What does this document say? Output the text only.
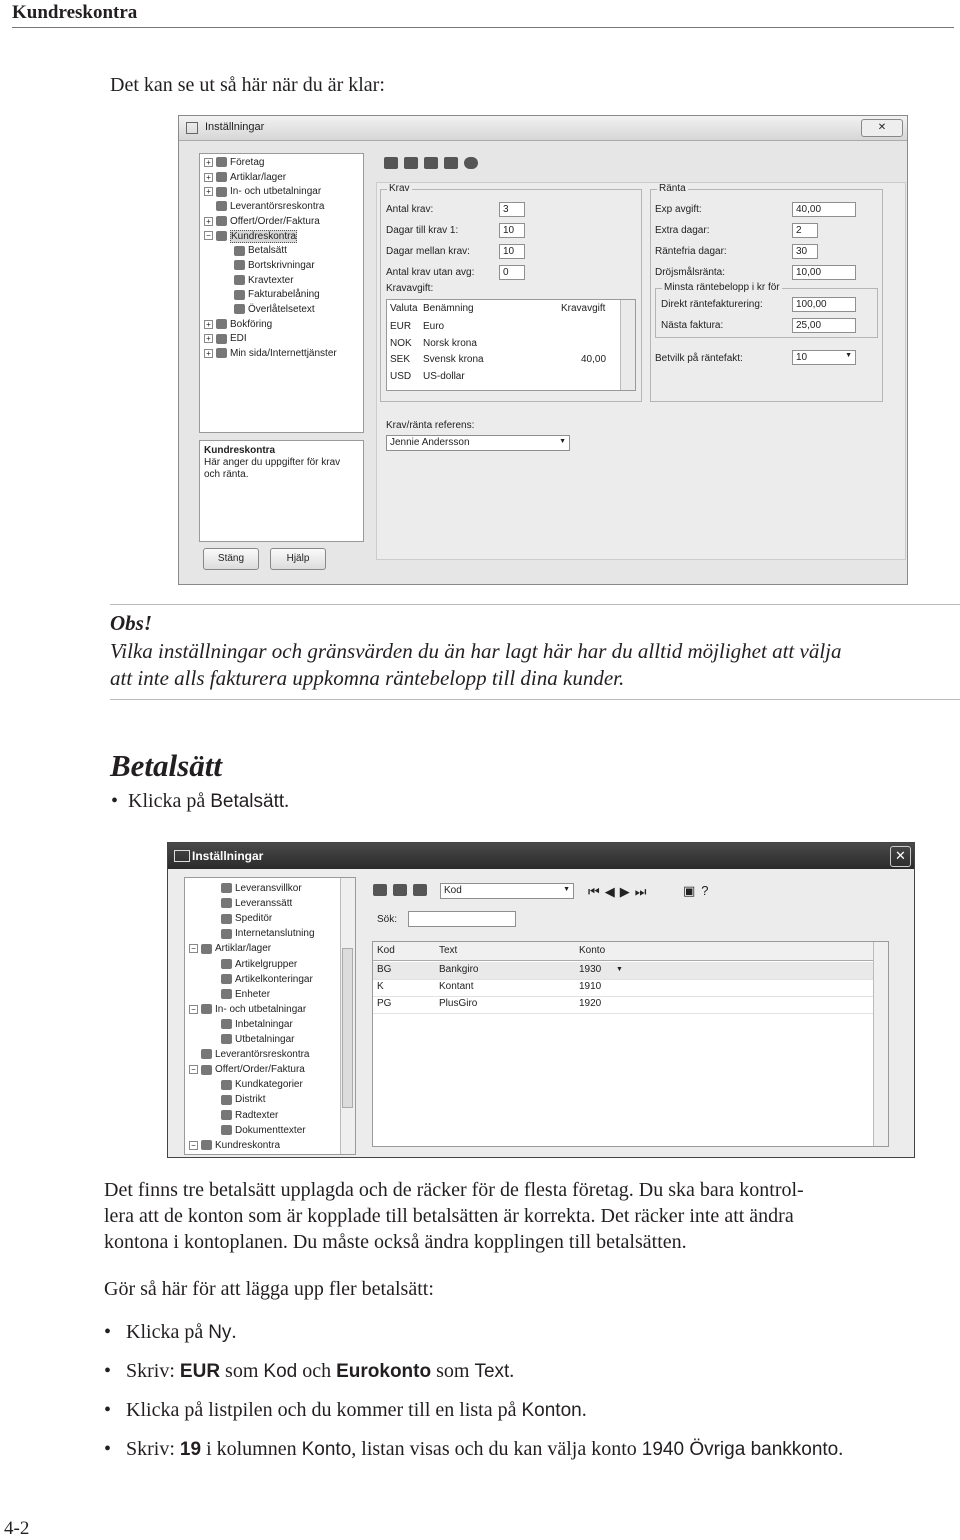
Kundreskontra
Det kan se ut så här när du är klar:
Inställningar	✕
+ Företag
+ Artiklar/lager
+ In- och utbetalningar
Leverantörsreskontra
+ Offert/Order/Faktura
− Kundreskontra
Betalsätt
Bortskrivningar
Kravtexter
Fakturabelåning
Överlåtelsetext
+ Bokföring
+ EDI
+ Min sida/Internettjänster
Kundreskontra
Här anger du uppgifter för krav och ränta.
Stäng	Hjälp
Krav
Antal krav:	3
Dagar till krav 1:	10
Dagar mellan krav:	10
Antal krav utan avg:	0
Kravavgift:
Valuta Benämning	Kravavgift
EUR Euro
NOK Norsk krona
SEK Svensk krona	40,00
USD US-dollar
Ränta
Exp avgift:	40,00
Extra dagar:	2
Räntefria dagar:	30
Dröjsmålsränta:	10,00
Minsta räntebelopp i kr för
Direkt räntefakturering:	100,00
Nästa faktura:	25,00
Betvilk på räntefakt:	10	▼
Krav/ränta referens:
Jennie Andersson	▼
Obs!
Vilka inställningar och gränsvärden du än har lagt här har du alltid möjlighet att välja
att inte alls fakturera uppkomna räntebelopp till dina kunder.
Betalsätt
•  Klicka på Betalsätt.
Inställningar	✕
Leveransvillkor
Leveranssätt
Speditör
Internetanslutning
− Artiklar/lager
Artikelgrupper
Artikelkonteringar
Enheter
− In- och utbetalningar
Inbetalningar
Utbetalningar
Leverantörsreskontra
− Offert/Order/Faktura
Kundkategorier
Distrikt
Radtexter
Dokumenttexter
− Kundreskontra
Kod	▼ ⏮◀▶⏭ ▣?
Sök:
Kod	Text	Konto
BG	Bankgiro	1930
K	Kontant	1910
PG	PlusGiro	1920
▼
Det finns tre betalsätt upplagda och de räcker för de flesta företag. Du ska bara kontrol-
lera att de konton som är kopplade till betalsätten är korrekta. Det räcker inte att ändra
kontona i kontoplanen. Du måste också ändra kopplingen till betalsätten.
Gör så här för att lägga upp fler betalsätt:
•   Klicka på Ny.
•   Skriv: EUR som Kod och Eurokonto som Text.
•   Klicka på listpilen och du kommer till en lista på Konton.
•   Skriv: 19 i kolumnen Konto, listan visas och du kan välja konto 1940 Övriga bankkonto.
4-2
